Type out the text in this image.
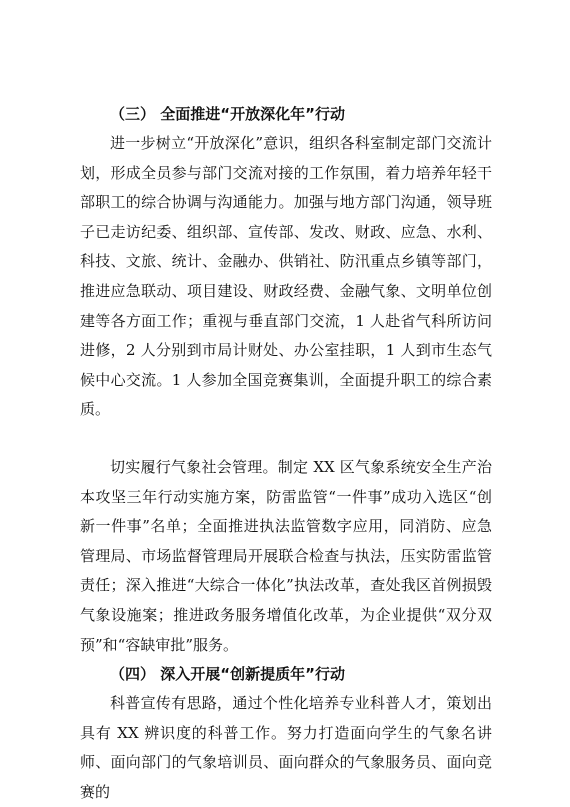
（三） 全面推进“开放深化年”行动

进一步树立“开放深化”意识，组织各科室制定部门交流计划，形成全员参与部门交流对接的工作氛围，着力培养年轻干部职工的综合协调与沟通能力。加强与地方部门沟通，领导班子已走访纪委、组织部、宣传部、发改、财政、应急、水利、科技、文旅、统计、金融办、供销社、防汛重点乡镇等部门，推进应急联动、项目建设、财政经费、金融气象、文明单位创建等各方面工作；重视与垂直部门交流，1 人赴省气科所访问进修，2 人分别到市局计财处、办公室挂职，1 人到市生态气候中心交流。1 人参加全国竞赛集训，全面提升职工的综合素质。

切实履行气象社会管理。制定 XX 区气象系统安全生产治本攻坚三年行动实施方案，防雷监管“一件事”成功入选区“创新一件事”名单；全面推进执法监管数字应用，同消防、应急管理局、市场监督管理局开展联合检查与执法，压实防雷监管责任；深入推进“大综合一体化”执法改革，查处我区首例损毁气象设施案；推进政务服务增值化改革，为企业提供“双分双预”和“容缺审批”服务。

（四） 深入开展“创新提质年”行动

科普宣传有思路，通过个性化培养专业科普人才，策划出具有 XX 辨识度的科普工作。努力打造面向学生的气象名讲师、面向部门的气象培训员、面向群众的气象服务员、面向竞赛的
